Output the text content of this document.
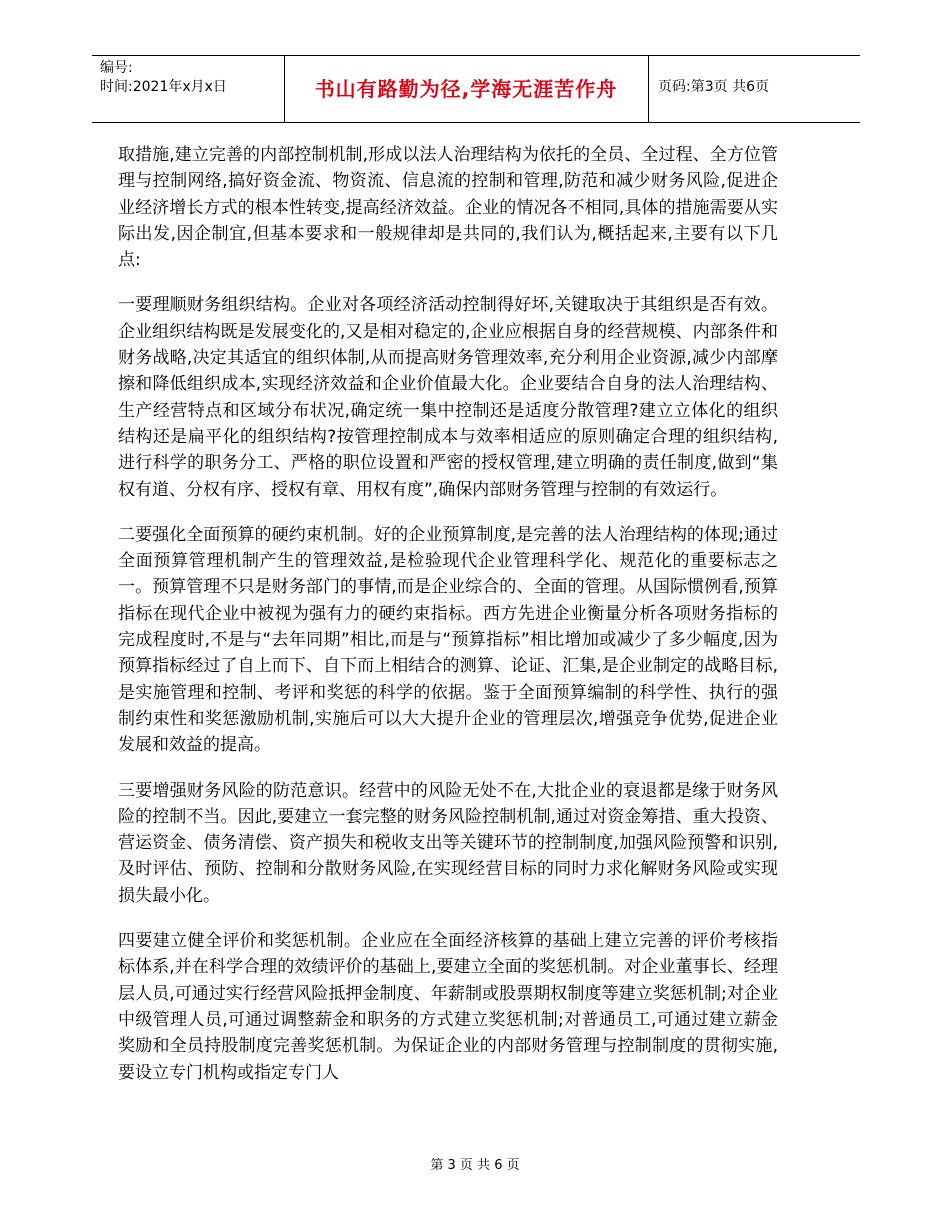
编号:
时间:2021年x月x日	书山有路勤为径,学海无涯苦作舟	页码:第3页 共6页

取措施,建立完善的内部控制机制,形成以法人治理结构为依托的全员、全过程、全方位管理与控制网络,搞好资金流、物资流、信息流的控制和管理,防范和减少财务风险,促进企业经济增长方式的根本性转变,提高经济效益。企业的情况各不相同,具体的措施需要从实际出发,因企制宜,但基本要求和一般规律却是共同的,我们认为,概括起来,主要有以下几点:

一要理顺财务组织结构。企业对各项经济活动控制得好坏,关键取决于其组织是否有效。企业组织结构既是发展变化的,又是相对稳定的,企业应根据自身的经营规模、内部条件和财务战略,决定其适宜的组织体制,从而提高财务管理效率,充分利用企业资源,减少内部摩擦和降低组织成本,实现经济效益和企业价值最大化。企业要结合自身的法人治理结构、生产经营特点和区域分布状况,确定统一集中控制还是适度分散管理?建立立体化的组织结构还是扁平化的组织结构?按管理控制成本与效率相适应的原则确定合理的组织结构,进行科学的职务分工、严格的职位设置和严密的授权管理,建立明确的责任制度,做到“集权有道、分权有序、授权有章、用权有度”,确保内部财务管理与控制的有效运行。

二要强化全面预算的硬约束机制。好的企业预算制度,是完善的法人治理结构的体现;通过全面预算管理机制产生的管理效益,是检验现代企业管理科学化、规范化的重要标志之一。预算管理不只是财务部门的事情,而是企业综合的、全面的管理。从国际惯例看,预算指标在现代企业中被视为强有力的硬约束指标。西方先进企业衡量分析各项财务指标的完成程度时,不是与“去年同期”相比,而是与“预算指标”相比增加或减少了多少幅度,因为预算指标经过了自上而下、自下而上相结合的测算、论证、汇集,是企业制定的战略目标,是实施管理和控制、考评和奖惩的科学的依据。鉴于全面预算编制的科学性、执行的强制约束性和奖惩激励机制,实施后可以大大提升企业的管理层次,增强竞争优势,促进企业发展和效益的提高。

三要增强财务风险的防范意识。经营中的风险无处不在,大批企业的衰退都是缘于财务风险的控制不当。因此,要建立一套完整的财务风险控制机制,通过对资金筹措、重大投资、营运资金、债务清偿、资产损失和税收支出等关键环节的控制制度,加强风险预警和识别,及时评估、预防、控制和分散财务风险,在实现经营目标的同时力求化解财务风险或实现损失最小化。

四要建立健全评价和奖惩机制。企业应在全面经济核算的基础上建立完善的评价考核指标体系,并在科学合理的效绩评价的基础上,要建立全面的奖惩机制。对企业董事长、经理层人员,可通过实行经营风险抵押金制度、年薪制或股票期权制度等建立奖惩机制;对企业中级管理人员,可通过调整薪金和职务的方式建立奖惩机制;对普通员工,可通过建立薪金奖励和全员持股制度完善奖惩机制。为保证企业的内部财务管理与控制制度的贯彻实施,要设立专门机构或指定专门人

第 3 页 共 6 页
